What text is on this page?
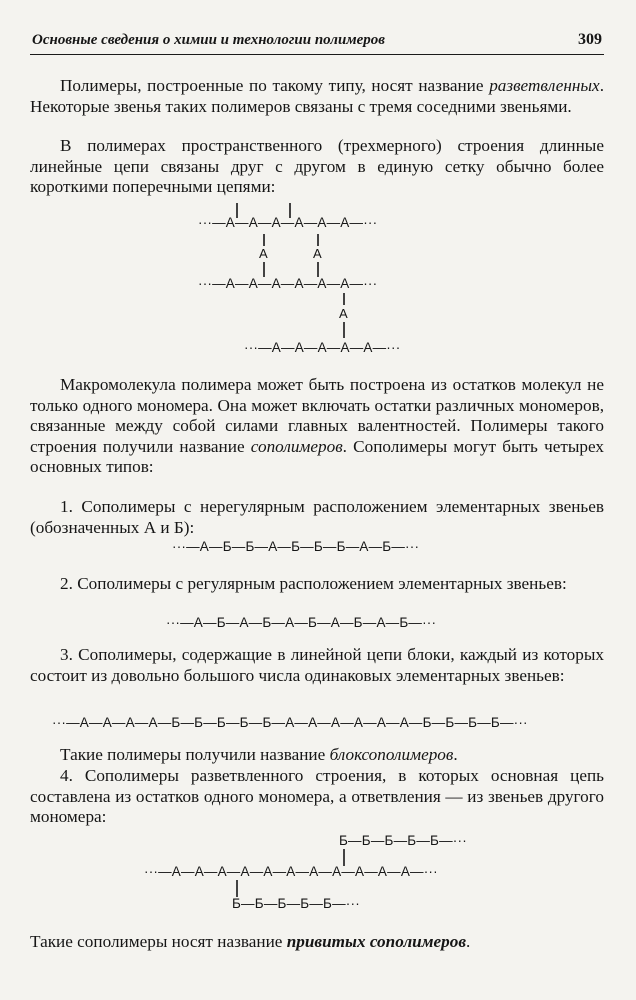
Основные сведения о химии и технологии полимеров	309

Полимеры, построенные по такому типу, носят название разветвленных. Некоторые звенья таких полимеров связаны с тремя соседними звеньями.

В полимерах пространственного (трехмерного) строения длинные линейные цепи связаны друг с другом в единую сетку обычно более короткими поперечными цепями:

А	А
А
···—А—А—А—А—А—А—···
···—А—А—А—А—А—А—···
···—А—А—А—А—А—···

Макромолекула полимера может быть построена из остатков молекул не только одного мономера. Она может включать остатки различных мономеров, связанные между собой силами главных валентностей. Полимеры такого строения получили название сополимеров. Сополимеры могут быть четырех основных типов:

1. Сополимеры с нерегулярным расположением элементарных звеньев (обозначенных А и Б):

···—А—Б—Б—А—Б—Б—Б—А—Б—···

2. Сополимеры с регулярным расположением элементарных звеньев:

···—А—Б—А—Б—А—Б—А—Б—А—Б—···

3. Сополимеры, содержащие в линейной цепи блоки, каждый из которых состоит из довольно большого числа одинаковых элементарных звеньев:

···—А—А—А—А—Б—Б—Б—Б—Б—А—А—А—А—А—А—Б—Б—Б—Б—···

Такие полимеры получили название блоксополимеров.

4. Сополимеры разветвленного строения, в которых основная цепь составлена из остатков одного мономера, а ответвления — из звеньев другого мономера:

Б—Б—Б—Б—Б—···
···—А—А—А—А—А—А—А—А—А—А—А—···
Б—Б—Б—Б—Б—···

Такие сополимеры носят название привитых сополимеров.
